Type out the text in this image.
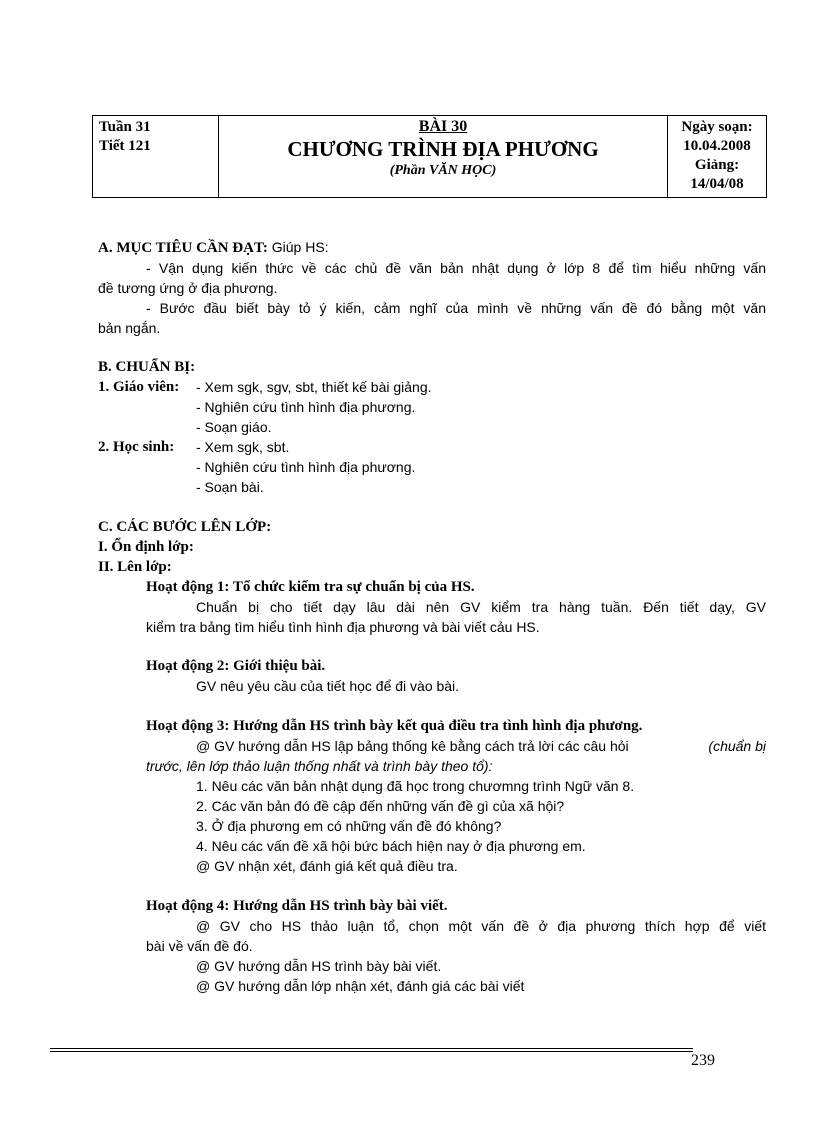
Tuần 31
Tiết 121
BÀI 30
CHƯƠNG TRÌNH ĐỊA PHƯƠNG
(Phần VĂN HỌC)
Ngày soạn:
10.04.2008
Giảng:
14/04/08
A. MỤC TIÊU CẦN ĐẠT: Giúp HS:
- Vận dụng kiến thức về các chủ đề văn bản nhật dụng ở lớp 8 để tìm hiểu những vấn
đề tương ứng ở địa phương.
- Bước đầu biết bày tỏ ý kiến, cảm nghĩ của mình về những vấn đề đó bằng một văn
bản ngắn.
B. CHUẨN BỊ:
1. Giáo viên: - Xem sgk, sgv, sbt, thiết kế bài giảng.
- Nghiên cứu tình hình địa phương.
- Soạn giáo.
2. Học sinh: - Xem sgk, sbt.
- Nghiên cứu tình hình địa phương.
- Soạn bài.
C. CÁC BƯỚC LÊN LỚP:
I. Ổn định lớp:
II. Lên lớp:
Hoạt động 1: Tổ chức kiểm tra sự chuẩn bị của HS.
Chuẩn bị cho tiết dạy lâu dài nên GV kiểm tra hàng tuần. Đến tiết dạy, GV
kiểm tra bảng tìm hiểu tình hình địa phương và bài viết cảu HS.
Hoạt động 2: Giới thiệu bài.
GV nêu yêu cầu của tiết học để đi vào bài.
Hoạt động 3: Hướng dẫn HS trình bày kết quả điều tra tình hình địa phương.
@ GV hướng dẫn HS lập bảng thống kê bằng cách trả lời các câu hỏi	(chuẩn bị
trước, lên lớp thảo luận thống nhất và trình bày theo tổ):
1. Nêu các văn bản nhật dụng đã học trong chươmng trình Ngữ văn 8.
2. Các văn bản đó đề cập đến những vấn đề gì của xã hội?
3. Ở địa phương em có những vấn đề đó không?
4. Nêu các vấn đề xã hội bức bách hiện nay ở địa phương em.
@ GV nhận xét, đánh giá kết quả điều tra.
Hoạt động 4: Hướng dẫn HS trình bày bài viết.
@ GV cho HS thảo luận tổ, chọn một vấn đề ở địa phương thích hợp để viết
bài về vấn đề đó.
@ GV hướng dẫn HS trình bày bài viết.
@ GV hướng dẫn lớp nhận xét, đánh giá các bài viết
239
